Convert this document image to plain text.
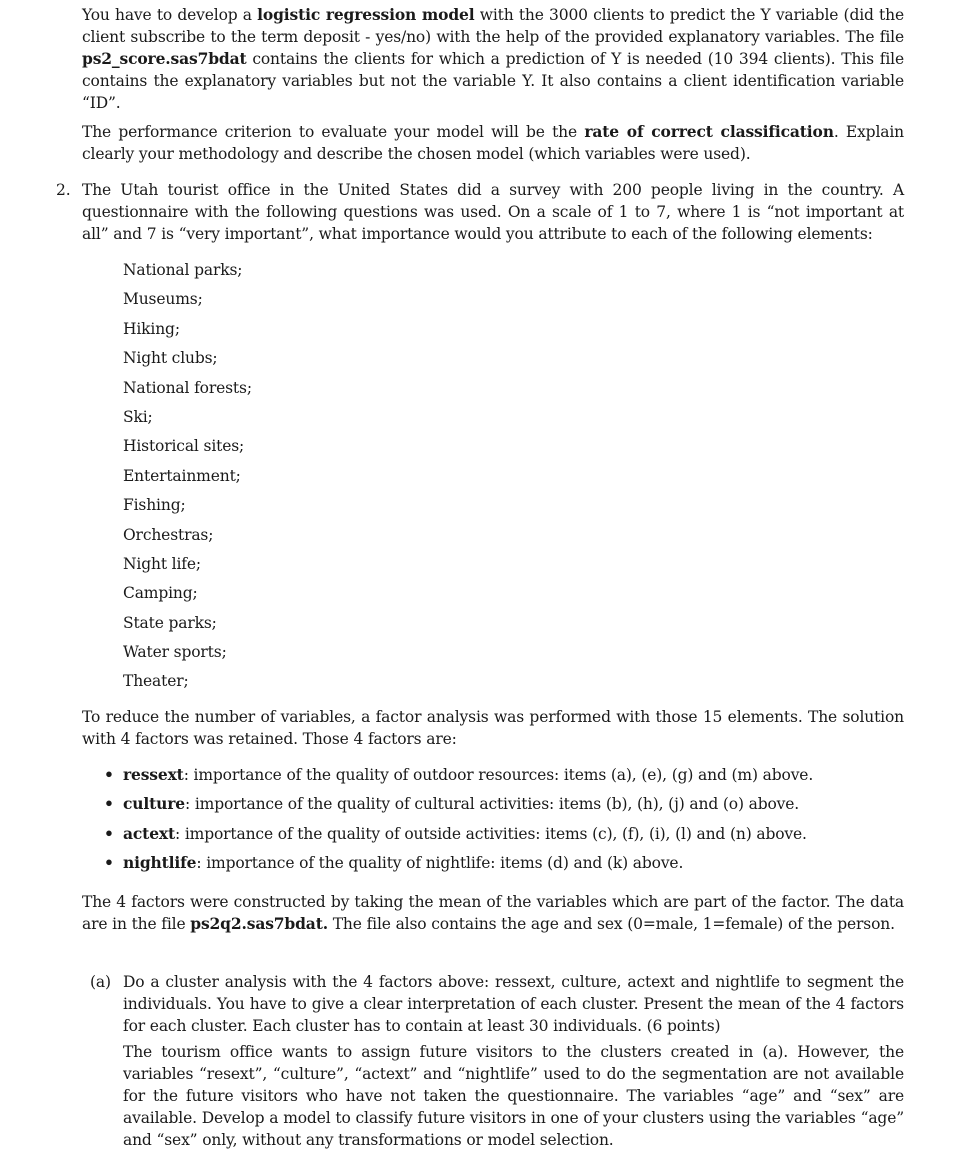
You have to develop a logistic regression model with the 3000 clients to predict the Y variable (did the client subscribe to the term deposit - yes/no) with the help of the provided explanatory variables. The file ps2_score.sas7bdat contains the clients for which a prediction of Y is needed (10 394 clients). This file contains the explanatory variables but not the variable Y. It also contains a client identification variable “ID”.

The performance criterion to evaluate your model will be the rate of correct classification. Explain clearly your methodology and describe the chosen model (which variables were used).

2. The Utah tourist office in the United States did a survey with 200 people living in the country. A questionnaire with the following questions was used. On a scale of 1 to 7, where 1 is “not important at all” and 7 is “very important”, what importance would you attribute to each of the following elements:

National parks;
Museums;
Hiking;
Night clubs;
National forests;
Ski;
Historical sites;
Entertainment;
Fishing;
Orchestras;
Night life;
Camping;
State parks;
Water sports;
Theater;

To reduce the number of variables, a factor analysis was performed with those 15 elements. The solution with 4 factors was retained. Those 4 factors are:

• ressext: importance of the quality of outdoor resources: items (a), (e), (g) and (m) above.
• culture: importance of the quality of cultural activities: items (b), (h), (j) and (o) above.
• actext: importance of the quality of outside activities: items (c), (f), (i), (l) and (n) above.
• nightlife: importance of the quality of nightlife: items (d) and (k) above.

The 4 factors were constructed by taking the mean of the variables which are part of the factor. The data are in the file ps2q2.sas7bdat. The file also contains the age and sex (0=male, 1=female) of the person.

(a) Do a cluster analysis with the 4 factors above: ressext, culture, actext and nightlife to segment the individuals. You have to give a clear interpretation of each cluster. Present the mean of the 4 factors for each cluster. Each cluster has to contain at least 30 individuals. (6 points)

The tourism office wants to assign future visitors to the clusters created in (a). However, the variables “resext”, “culture”, “actext” and “nightlife” used to do the segmentation are not available for the future visitors who have not taken the questionnaire. The variables “age” and “sex” are available. Develop a model to classify future visitors in one of your clusters using the variables “age” and “sex” only, without any transformations or model selection.
